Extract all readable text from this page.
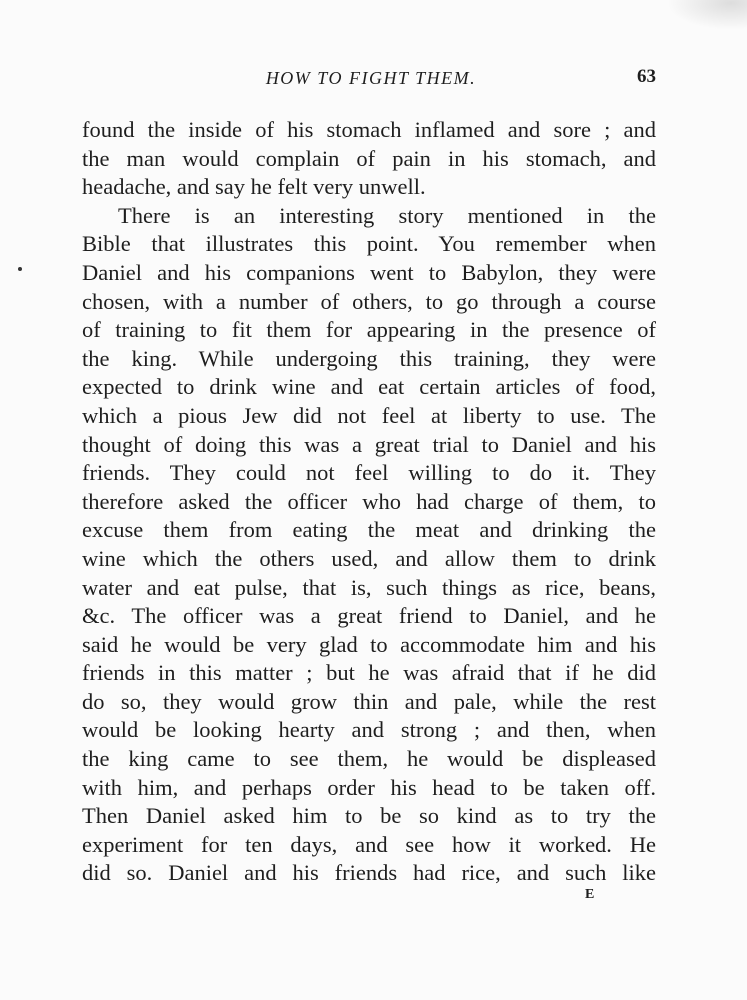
HOW TO FIGHT THEM.	63
found the inside of his stomach inflamed and sore ; and
the man would complain of pain in his stomach, and
headache, and say he felt very unwell.
There is an interesting story mentioned in the
Bible that illustrates this point. You remember when
Daniel and his companions went to Babylon, they were
chosen, with a number of others, to go through a course
of training to fit them for appearing in the presence of
the king. While undergoing this training, they were
expected to drink wine and eat certain articles of food,
which a pious Jew did not feel at liberty to use. The
thought of doing this was a great trial to Daniel and his
friends. They could not feel willing to do it. They
therefore asked the officer who had charge of them, to
excuse them from eating the meat and drinking the
wine which the others used, and allow them to drink
water and eat pulse, that is, such things as rice, beans,
&c. The officer was a great friend to Daniel, and he
said he would be very glad to accommodate him and his
friends in this matter ; but he was afraid that if he did
do so, they would grow thin and pale, while the rest
would be looking hearty and strong ; and then, when
the king came to see them, he would be displeased
with him, and perhaps order his head to be taken off.
Then Daniel asked him to be so kind as to try the
experiment for ten days, and see how it worked. He
did so. Daniel and his friends had rice, and such like
E
